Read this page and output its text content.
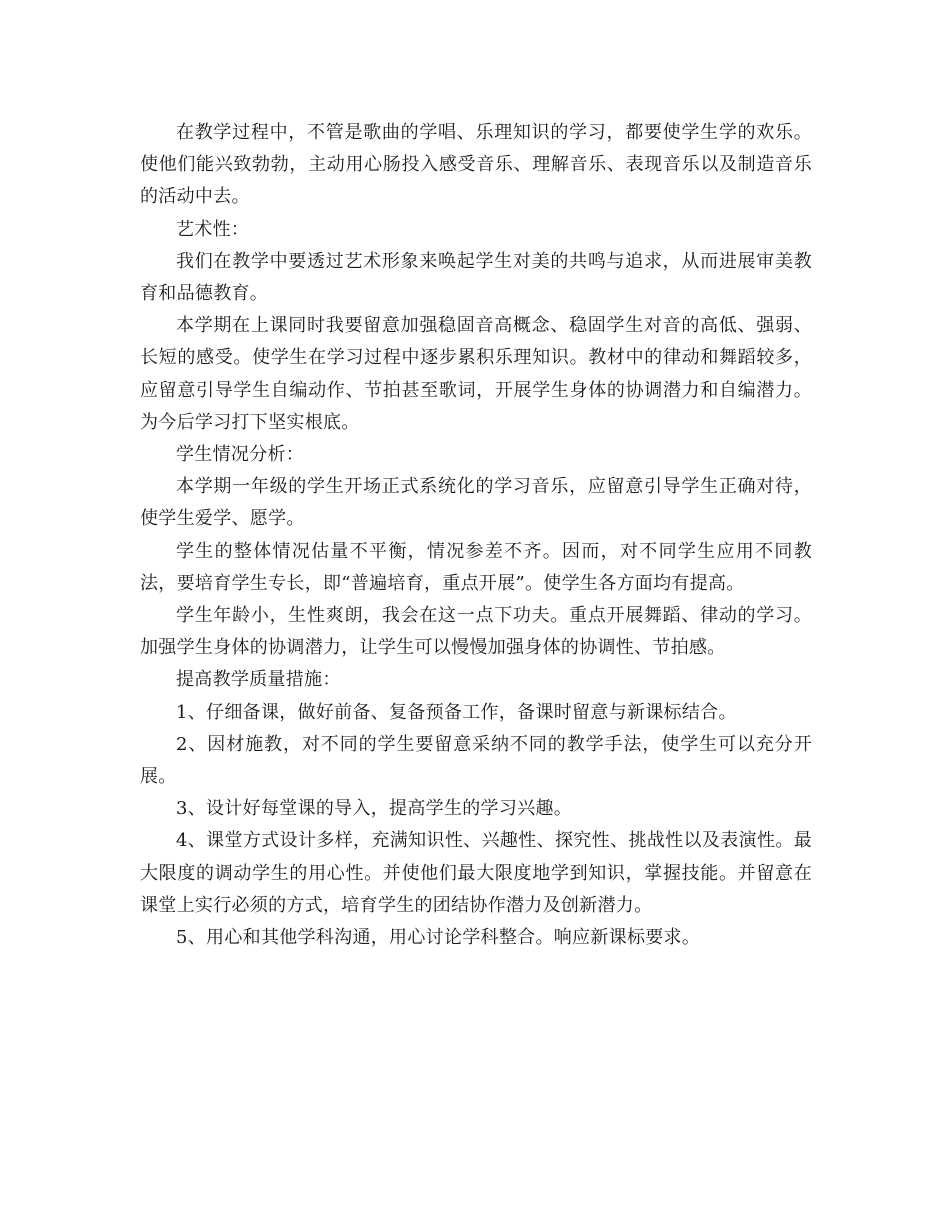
在教学过程中，不管是歌曲的学唱、乐理知识的学习，都要使学生学的欢乐。使他们能兴致勃勃，主动用心肠投入感受音乐、理解音乐、表现音乐以及制造音乐的活动中去。

艺术性：

我们在教学中要透过艺术形象来唤起学生对美的共鸣与追求，从而进展审美教育和品德教育。

本学期在上课同时我要留意加强稳固音高概念、稳固学生对音的高低、强弱、长短的感受。使学生在学习过程中逐步累积乐理知识。教材中的律动和舞蹈较多，应留意引导学生自编动作、节拍甚至歌词，开展学生身体的协调潜力和自编潜力。为今后学习打下坚实根底。

学生情况分析：

本学期一年级的学生开场正式系统化的学习音乐，应留意引导学生正确对待，使学生爱学、愿学。

学生的整体情况估量不平衡，情况参差不齐。因而，对不同学生应用不同教法，要培育学生专长，即“普遍培育，重点开展”。使学生各方面均有提高。

学生年龄小，生性爽朗，我会在这一点下功夫。重点开展舞蹈、律动的学习。加强学生身体的协调潜力，让学生可以慢慢加强身体的协调性、节拍感。

提高教学质量措施：

1、仔细备课，做好前备、复备预备工作，备课时留意与新课标结合。

2、因材施教，对不同的学生要留意采纳不同的教学手法，使学生可以充分开展。

3、设计好每堂课的导入，提高学生的学习兴趣。

4、课堂方式设计多样，充满知识性、兴趣性、探究性、挑战性以及表演性。最大限度的调动学生的用心性。并使他们最大限度地学到知识，掌握技能。并留意在课堂上实行必须的方式，培育学生的团结协作潜力及创新潜力。

5、用心和其他学科沟通，用心讨论学科整合。响应新课标要求。
